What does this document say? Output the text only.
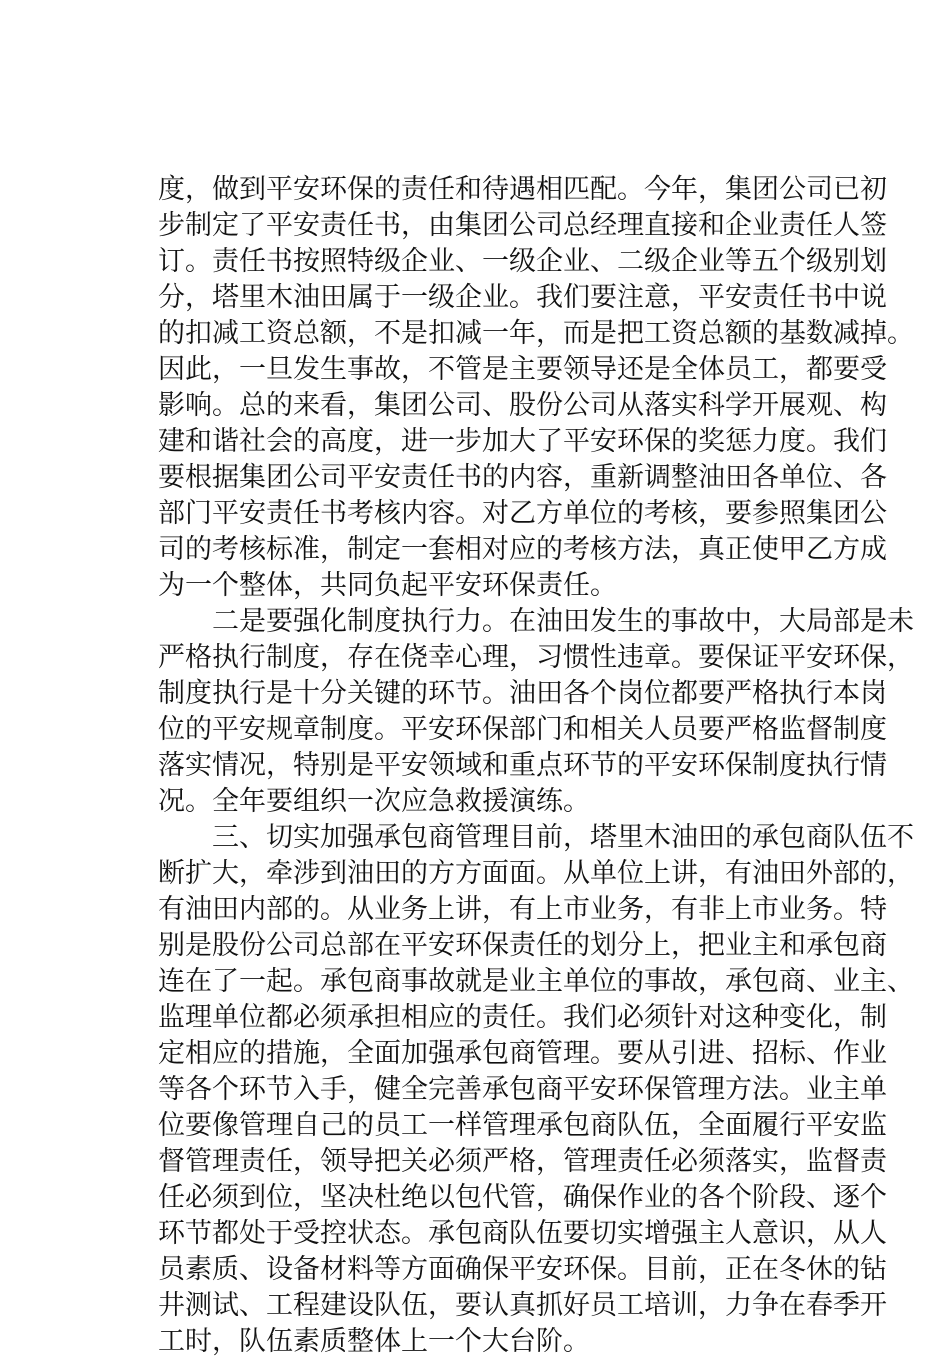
度，做到平安环保的责任和待遇相匹配。今年，集团公司已初

步制定了平安责任书，由集团公司总经理直接和企业责任人签

订。责任书按照特级企业、一级企业、二级企业等五个级别划

分，塔里木油田属于一级企业。我们要注意，平安责任书中说

的扣减工资总额，不是扣减一年，而是把工资总额的基数减掉。

因此，一旦发生事故，不管是主要领导还是全体员工，都要受

影响。总的来看，集团公司、股份公司从落实科学开展观、构

建和谐社会的高度，进一步加大了平安环保的奖惩力度。我们

要根据集团公司平安责任书的内容，重新调整油田各单位、各

部门平安责任书考核内容。对乙方单位的考核，要参照集团公

司的考核标准，制定一套相对应的考核方法，真正使甲乙方成

为一个整体，共同负起平安环保责任。

　　二是要强化制度执行力。在油田发生的事故中，大局部是未

严格执行制度，存在侥幸心理，习惯性违章。要保证平安环保，

制度执行是十分关键的环节。油田各个岗位都要严格执行本岗

位的平安规章制度。平安环保部门和相关人员要严格监督制度

落实情况，特别是平安领域和重点环节的平安环保制度执行情

况。全年要组织一次应急救援演练。

　　三、切实加强承包商管理目前，塔里木油田的承包商队伍不

断扩大，牵涉到油田的方方面面。从单位上讲，有油田外部的，

有油田内部的。从业务上讲，有上市业务，有非上市业务。特

别是股份公司总部在平安环保责任的划分上，把业主和承包商

连在了一起。承包商事故就是业主单位的事故，承包商、业主、

监理单位都必须承担相应的责任。我们必须针对这种变化，制

定相应的措施，全面加强承包商管理。要从引进、招标、作业

等各个环节入手，健全完善承包商平安环保管理方法。业主单

位要像管理自己的员工一样管理承包商队伍，全面履行平安监

督管理责任，领导把关必须严格，管理责任必须落实，监督责

任必须到位，坚决杜绝以包代管，确保作业的各个阶段、逐个

环节都处于受控状态。承包商队伍要切实增强主人意识，从人

员素质、设备材料等方面确保平安环保。目前，正在冬休的钻

井测试、工程建设队伍，要认真抓好员工培训，力争在春季开

工时，队伍素质整体上一个大台阶。
